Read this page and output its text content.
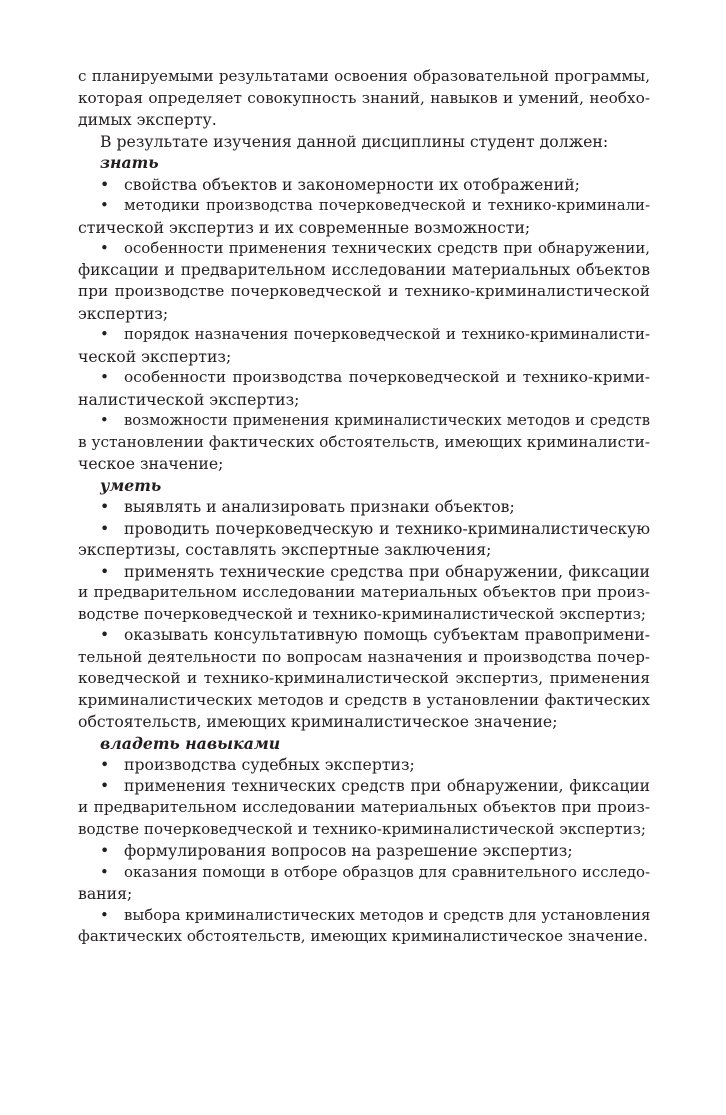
с планируемыми результатами освоения образовательной программы,
которая определяет совокупность знаний, навыков и умений, необхо-
димых эксперту.
В результате изучения данной дисциплины студент должен:
знать
• свойства объектов и закономерности их отображений;
• методики производства почерковедческой и технико-криминали-
стической экспертиз и их современные возможности;
• особенности применения технических средств при обнаружении,
фиксации и предварительном исследовании материальных объектов
при производстве почерковедческой и технико-криминалистической
экспертиз;
• порядок назначения почерковедческой и технико-криминалисти-
ческой экспертиз;
• особенности производства почерковедческой и технико-крими-
налистической экспертиз;
• возможности применения криминалистических методов и средств
в установлении фактических обстоятельств, имеющих криминалисти-
ческое значение;
уметь
• выявлять и анализировать признаки объектов;
• проводить почерковедческую и технико-криминалистическую
экспертизы, составлять экспертные заключения;
• применять технические средства при обнаружении, фиксации
и предварительном исследовании материальных объектов при произ-
водстве почерковедческой и технико-криминалистической экспертиз;
• оказывать консультативную помощь субъектам правопримени-
тельной деятельности по вопросам назначения и производства почер-
коведческой и технико-криминалистической экспертиз, применения
криминалистических методов и средств в установлении фактических
обстоятельств, имеющих криминалистическое значение;
владеть навыками
• производства судебных экспертиз;
• применения технических средств при обнаружении, фиксации
и предварительном исследовании материальных объектов при произ-
водстве почерковедческой и технико-криминалистической экспертиз;
• формулирования вопросов на разрешение экспертиз;
• оказания помощи в отборе образцов для сравнительного исследо-
вания;
• выбора криминалистических методов и средств для установления
фактических обстоятельств, имеющих криминалистическое значение.
